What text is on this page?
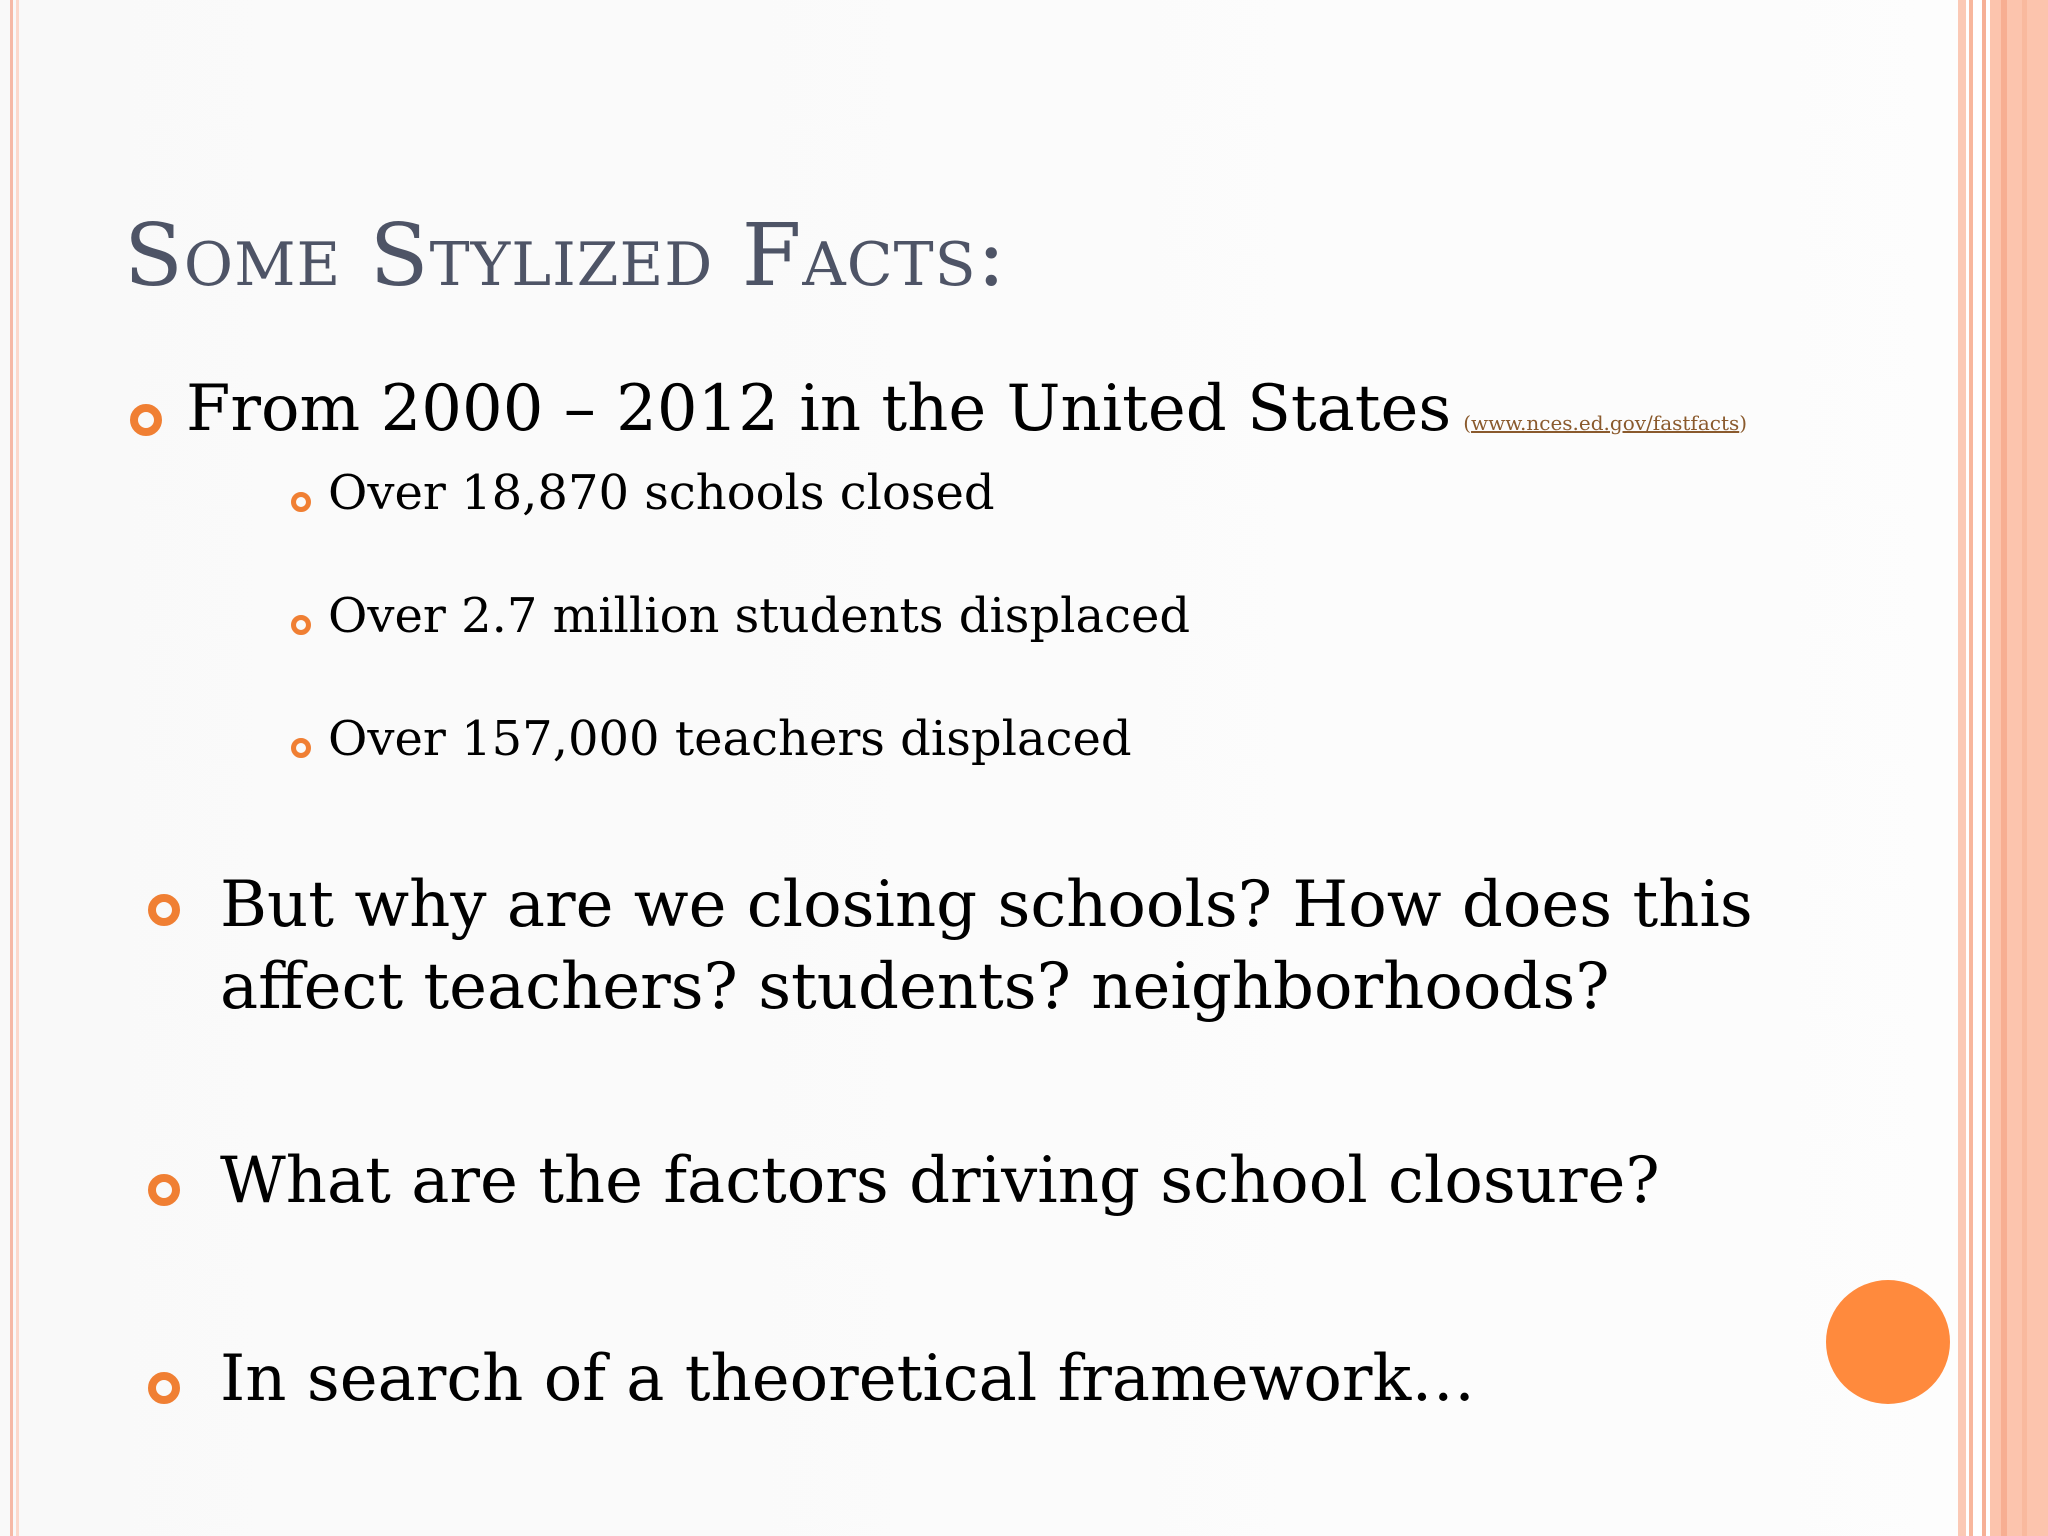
Some Stylized Facts:
From 2000 – 2012 in the United States (www.nces.ed.gov/fastfacts)
Over 18,870 schools closed
Over 2.7 million students displaced
Over 157,000 teachers displaced
But why are we closing schools? How does this affect teachers? students? neighborhoods?
What are the factors driving school closure?
In search of a theoretical framework…
